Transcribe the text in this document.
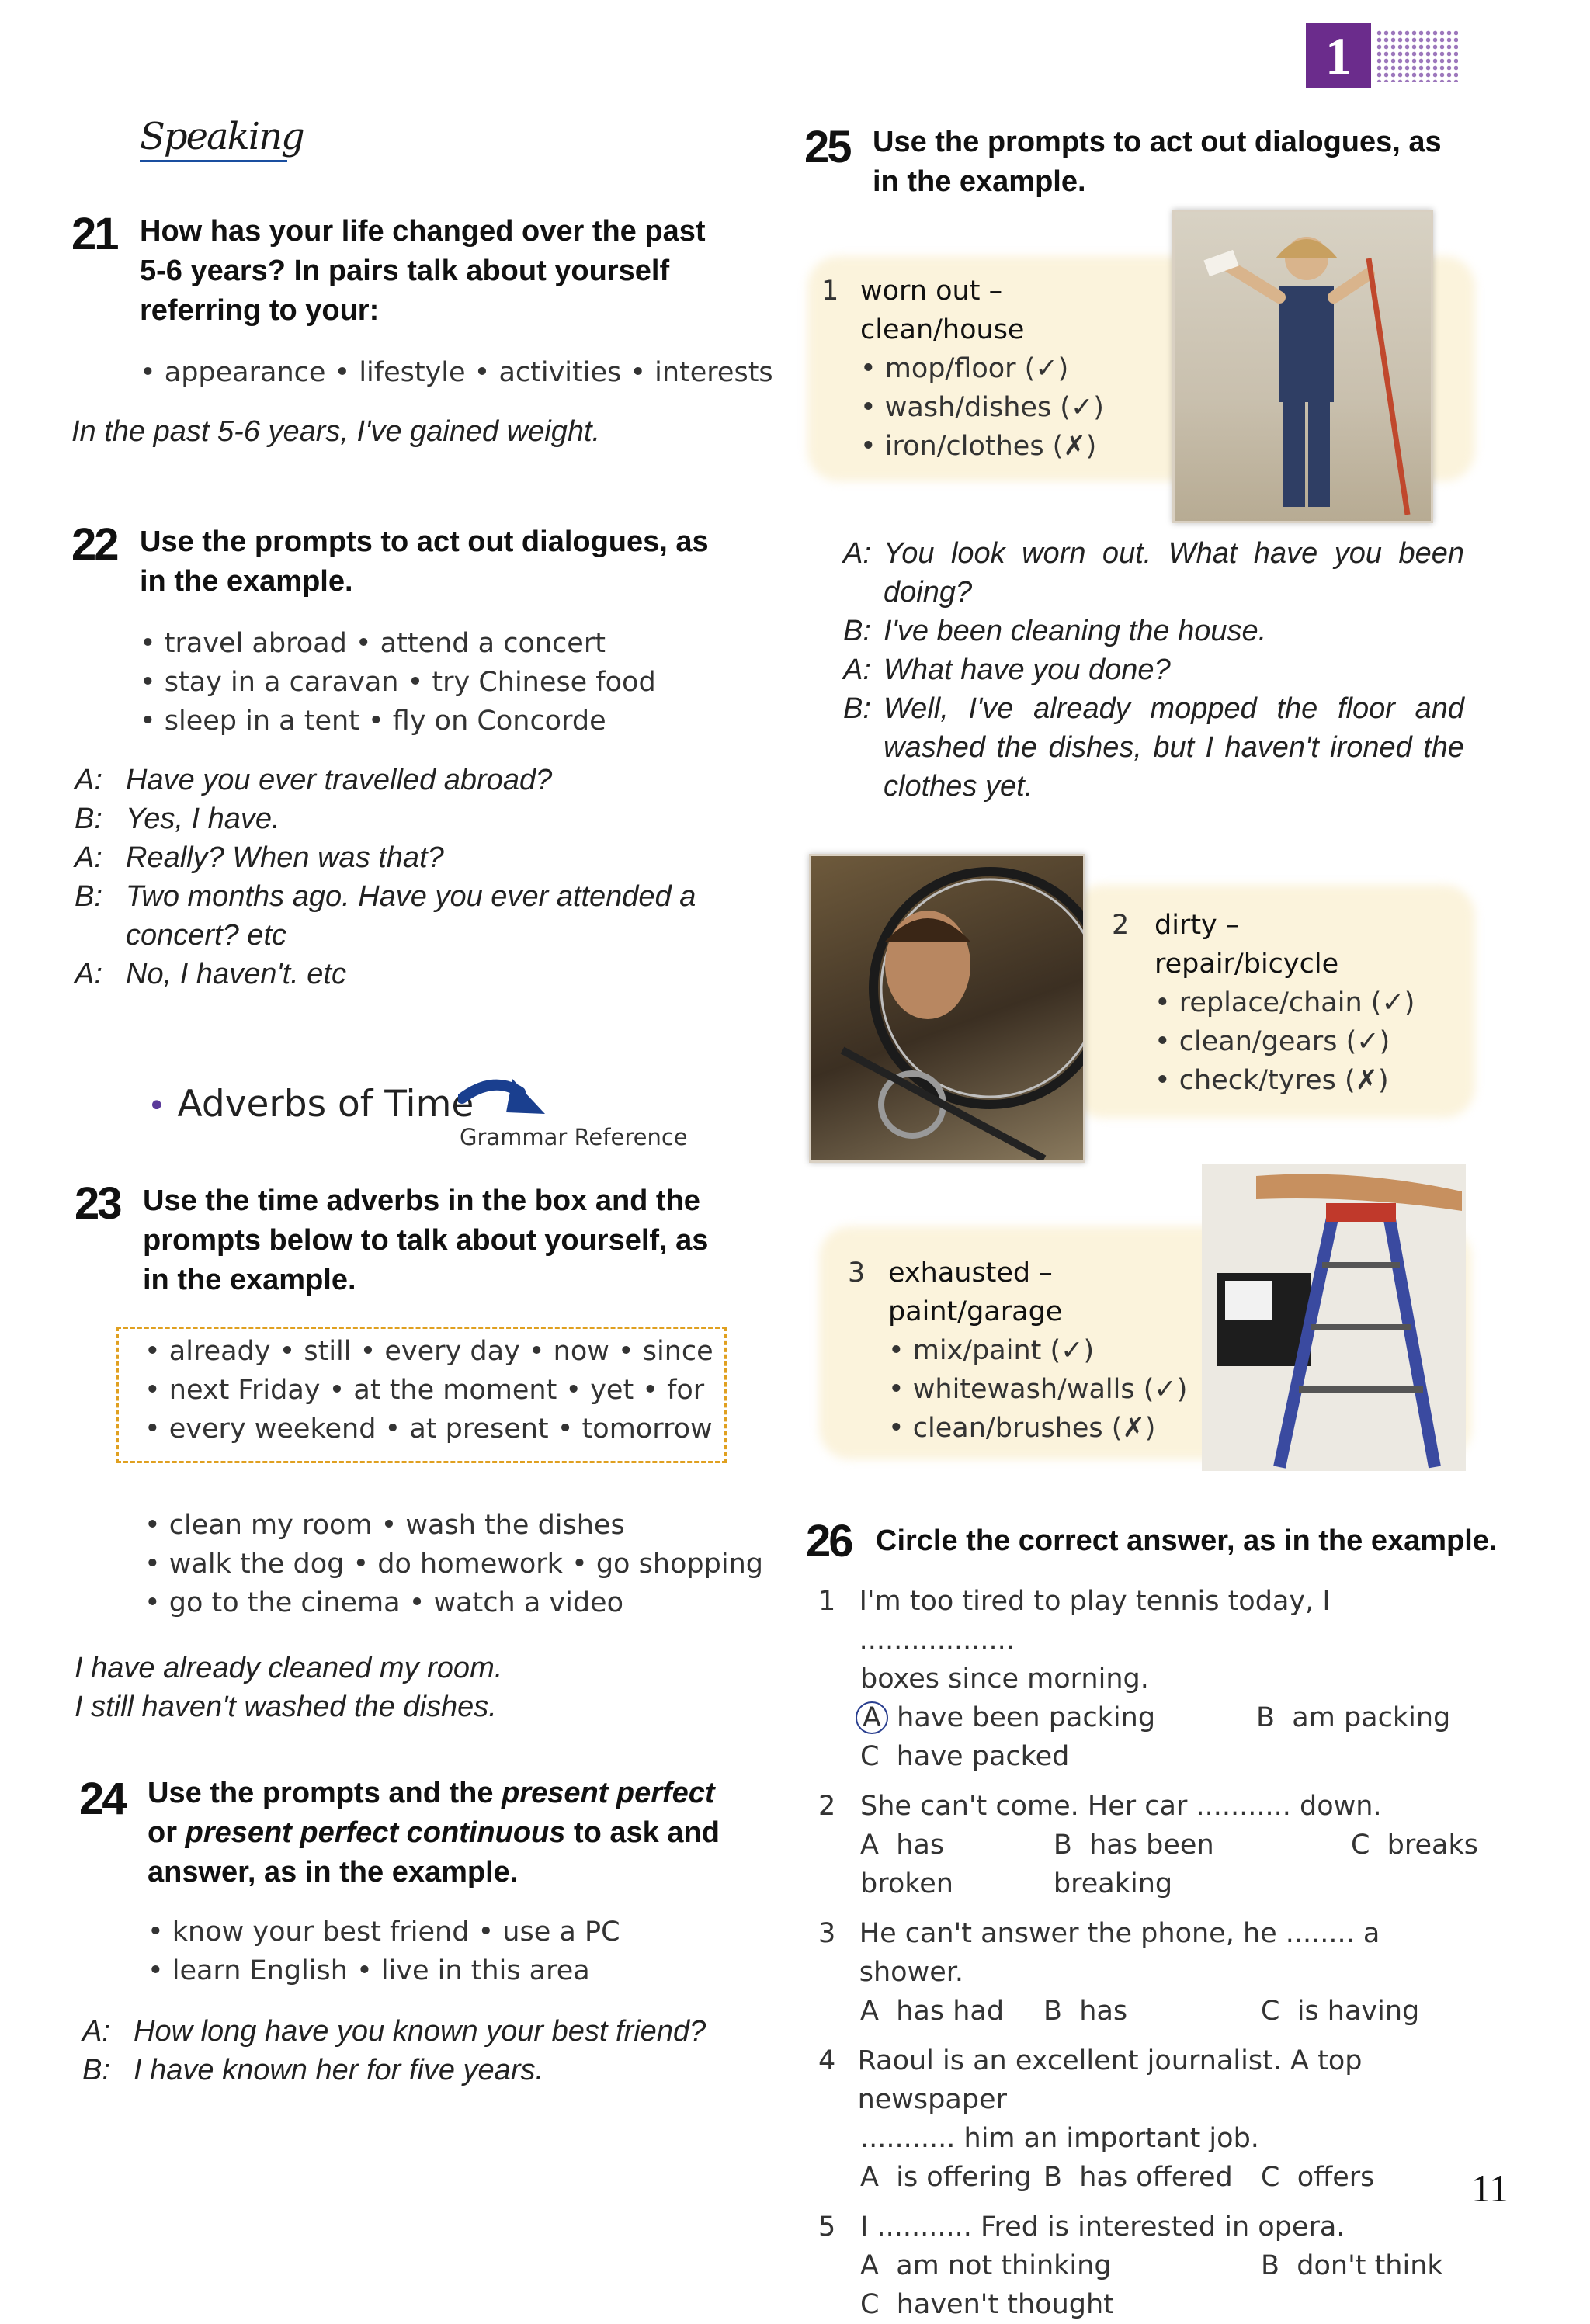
1
Speaking
21 How has your life changed over the past 5-6 years? In pairs talk about yourself referring to your:
• appearance • lifestyle • activities • interests
In the past 5-6 years, I've gained weight.
22 Use the prompts to act out dialogues, as in the example.
• travel abroad • attend a concert
• stay in a caravan • try Chinese food
• sleep in a tent • fly on Concorde
A: Have you ever travelled abroad?
B: Yes, I have.
A: Really? When was that?
B: Two months ago. Have you ever attended a concert? etc
A: No, I haven't. etc
• Adverbs of Time
Grammar Reference
23 Use the time adverbs in the box and the prompts below to talk about yourself, as in the example.
• already • still • every day • now • since
• next Friday • at the moment • yet • for
• every weekend • at present • tomorrow
• clean my room • wash the dishes
• walk the dog • do homework • go shopping
• go to the cinema • watch a video
I have already cleaned my room.
I still haven't washed the dishes.
24 Use the prompts and the present perfect or present perfect continuous to ask and answer, as in the example.
• know your best friend • use a PC
• learn English • live in this area
A: How long have you known your best friend?
B: I have known her for five years.
25 Use the prompts to act out dialogues, as in the example.
1 worn out –
clean/house
• mop/floor (✓)
• wash/dishes (✓)
• iron/clothes (✗)
A: You look worn out. What have you been doing?
B: I've been cleaning the house.
A: What have you done?
B: Well, I've already mopped the floor and washed the dishes, but I haven't ironed the clothes yet.
2 dirty –
repair/bicycle
• replace/chain (✓)
• clean/gears (✓)
• check/tyres (✗)
3 exhausted –
paint/garage
• mix/paint (✓)
• whitewash/walls (✓)
• clean/brushes (✗)
26 Circle the correct answer, as in the example.
1 I'm too tired to play tennis today, I ..................
boxes since morning.
A have been packing	B am packing
C have packed
2 She can't come. Her car ........... down.
A has broken
B has been breaking
C breaks
3 He can't answer the phone, he ........ a shower.
A has had	B has	C is having
4 Raoul is an excellent journalist. A top newspaper
........... him an important job.
A is offering B has offered	C offers
5 I ........... Fred is interested in opera.
A am not thinking	B don't think
C haven't thought
11
